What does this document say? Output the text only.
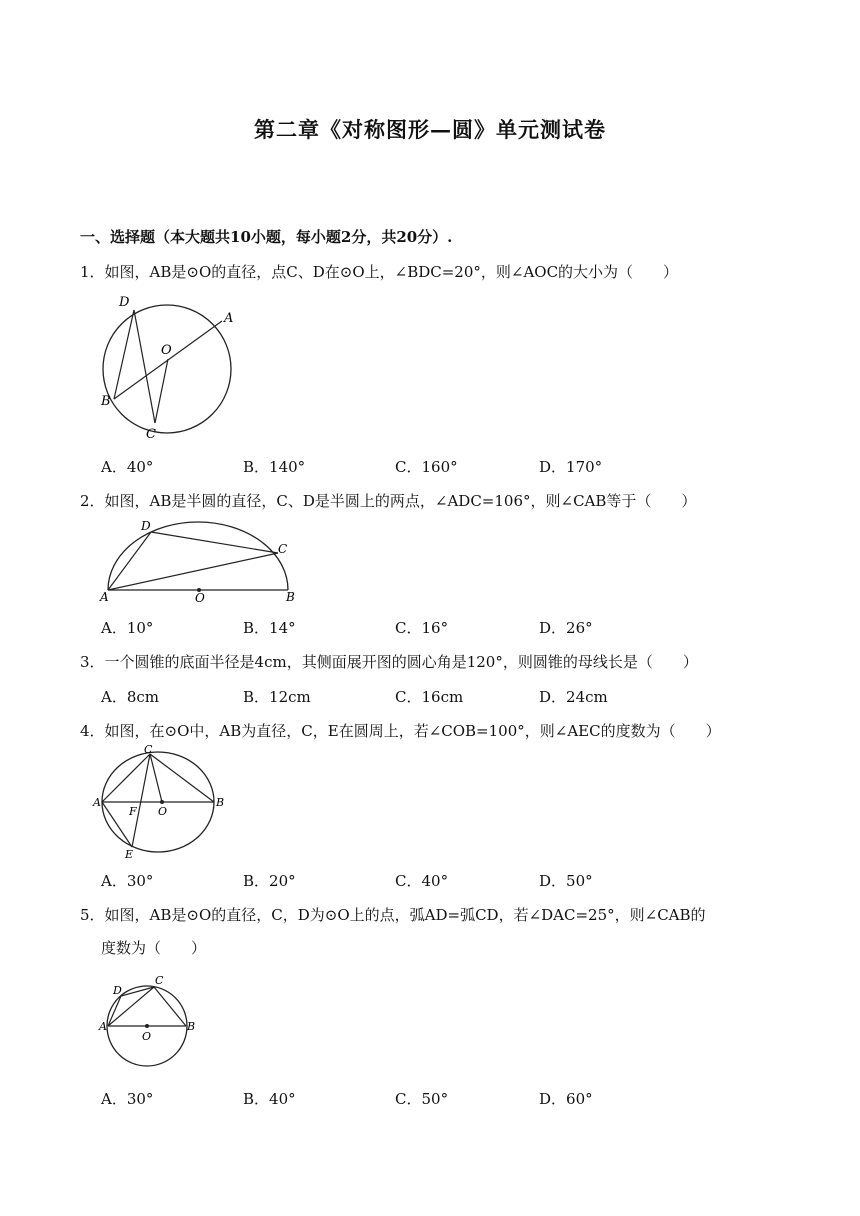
第二章《对称图形—圆》单元测试卷
一、选择题（本大题共10小题，每小题2分，共20分）.
1．如图，AB是⊙O的直径，点C、D在⊙O上，∠BDC=20°，则∠AOC的大小为（　　）
D
A
O
B
C
A．40°	B．140°	C．160°	D．170°
2．如图，AB是半圆的直径，C、D是半圆上的两点，∠ADC=106°，则∠CAB等于（　　）
D
C
A	O	B
A．10°	B．14°	C．16°	D．26°
3．一个圆锥的底面半径是4cm，其侧面展开图的圆心角是120°，则圆锥的母线长是（　　）
A．8cm	B．12cm	C．16cm	D．24cm
4．如图，在⊙O中，AB为直径，C，E在圆周上，若∠COB=100°，则∠AEC的度数为（　　）
C
A	B
F O
E
A．30°	B．20°	C．40°	D．50°
5．如图，AB是⊙O的直径，C，D为⊙O上的点，弧AD=弧CD，若∠DAC=25°，则∠CAB的
度数为（　　）
C
D
A	B
O
A．30°	B．40°	C．50°	D．60°
